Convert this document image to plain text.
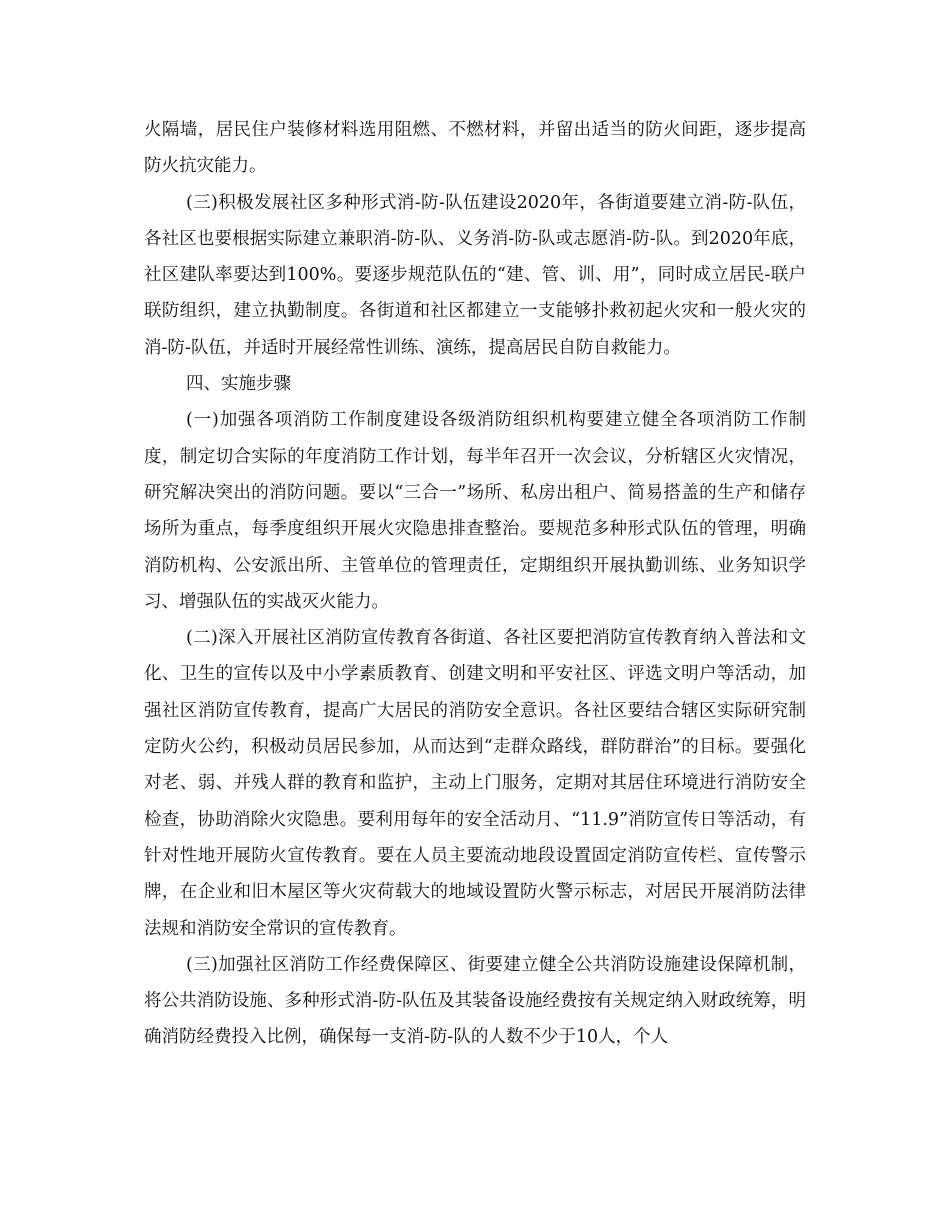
火隔墙，居民住户装修材料选用阻燃、不燃材料，并留出适当的防火间距，逐步提高防火抗灾能力。

(三)积极发展社区多种形式消-防-队伍建设2020年，各街道要建立消-防-队伍，各社区也要根据实际建立兼职消-防-队、义务消-防-队或志愿消-防-队。到2020年底，社区建队率要达到100%。要逐步规范队伍的“建、管、训、用”，同时成立居民-联户联防组织，建立执勤制度。各街道和社区都建立一支能够扑救初起火灾和一般火灾的消-防-队伍，并适时开展经常性训练、演练，提高居民自防自救能力。

四、实施步骤

(一)加强各项消防工作制度建设各级消防组织机构要建立健全各项消防工作制度，制定切合实际的年度消防工作计划，每半年召开一次会议，分析辖区火灾情况，研究解决突出的消防问题。要以“三合一”场所、私房出租户、简易搭盖的生产和储存场所为重点，每季度组织开展火灾隐患排查整治。要规范多种形式队伍的管理，明确消防机构、公安派出所、主管单位的管理责任，定期组织开展执勤训练、业务知识学习、增强队伍的实战灭火能力。

(二)深入开展社区消防宣传教育各街道、各社区要把消防宣传教育纳入普法和文化、卫生的宣传以及中小学素质教育、创建文明和平安社区、评选文明户等活动，加强社区消防宣传教育，提高广大居民的消防安全意识。各社区要结合辖区实际研究制定防火公约，积极动员居民参加，从而达到“走群众路线，群防群治”的目标。要强化对老、弱、并残人群的教育和监护，主动上门服务，定期对其居住环境进行消防安全检查，协助消除火灾隐患。要利用每年的安全活动月、“11.9”消防宣传日等活动，有针对性地开展防火宣传教育。要在人员主要流动地段设置固定消防宣传栏、宣传警示牌，在企业和旧木屋区等火灾荷载大的地域设置防火警示标志，对居民开展消防法律法规和消防安全常识的宣传教育。

(三)加强社区消防工作经费保障区、街要建立健全公共消防设施建设保障机制，将公共消防设施、多种形式消-防-队伍及其装备设施经费按有关规定纳入财政统筹，明确消防经费投入比例，确保每一支消-防-队的人数不少于10人，个人
